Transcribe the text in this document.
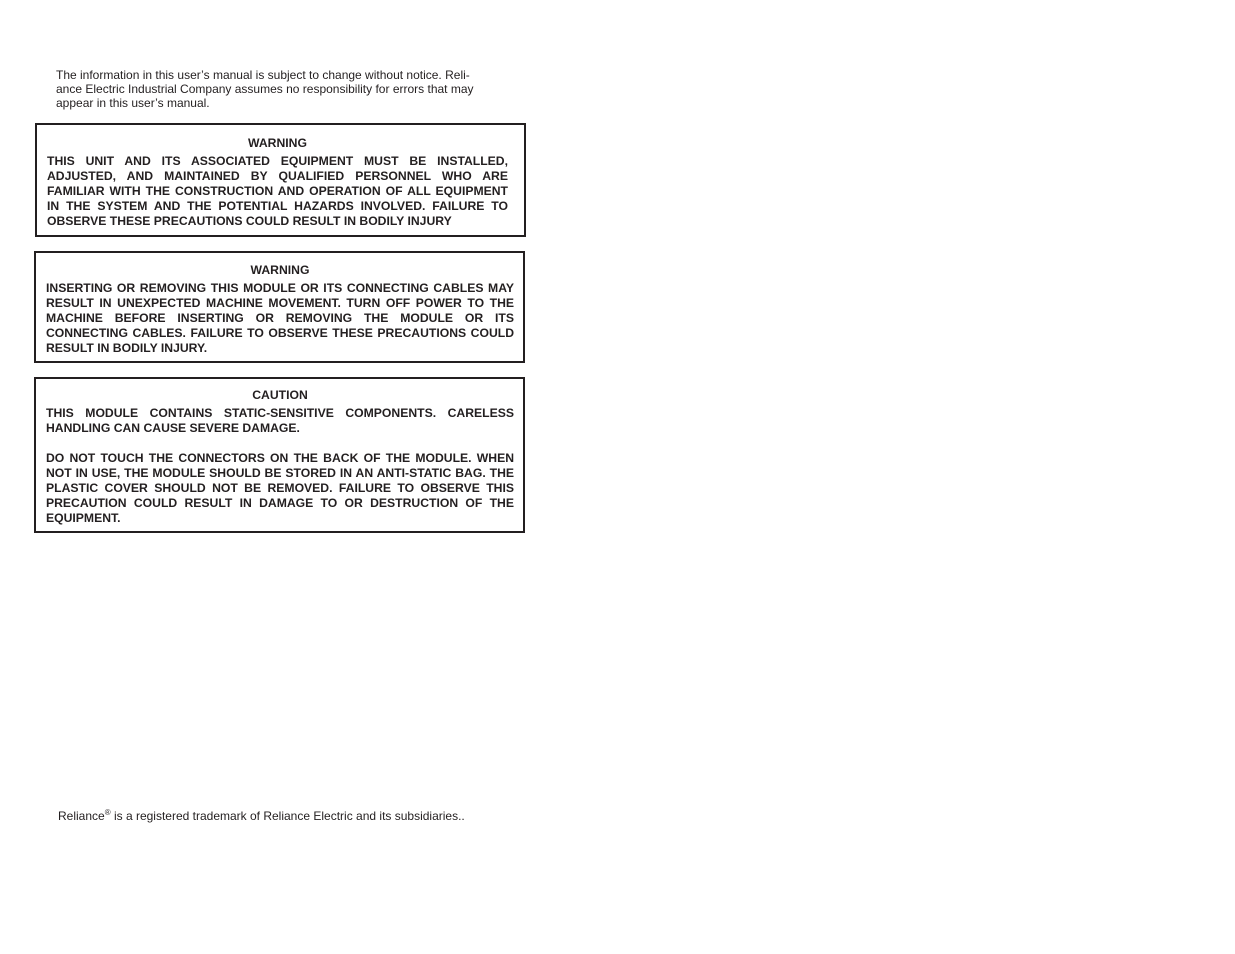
The information in this user’s manual is subject to change without notice. Reli-
ance Electric Industrial Company assumes no responsibility for errors that may
appear in this user’s manual.

WARNING

THIS UNIT AND ITS ASSOCIATED EQUIPMENT MUST BE INSTALLED, ADJUSTED, AND MAINTAINED BY QUALIFIED PERSONNEL WHO ARE FAMILIAR WITH THE CONSTRUCTION AND OPERATION OF ALL EQUIPMENT IN THE SYSTEM AND THE POTENTIAL HAZARDS INVOLVED. FAILURE TO OBSERVE THESE PRECAUTIONS COULD RESULT IN BODILY INJURY

WARNING

INSERTING OR REMOVING THIS MODULE OR ITS CONNECTING CABLES MAY RESULT IN UNEXPECTED MACHINE MOVEMENT. TURN OFF POWER TO THE MACHINE BEFORE INSERTING OR REMOVING THE MODULE OR ITS CONNECTING CABLES. FAILURE TO OBSERVE THESE PRECAUTIONS COULD RESULT IN BODILY INJURY.

CAUTION

THIS MODULE CONTAINS STATIC-SENSITIVE COMPONENTS. CARELESS HANDLING CAN CAUSE SEVERE DAMAGE.

DO NOT TOUCH THE CONNECTORS ON THE BACK OF THE MODULE. WHEN NOT IN USE, THE MODULE SHOULD BE STORED IN AN ANTI-STATIC BAG. THE PLASTIC COVER SHOULD NOT BE REMOVED. FAILURE TO OBSERVE THIS PRECAUTION COULD RESULT IN DAMAGE TO OR DESTRUCTION OF THE EQUIPMENT.

Reliance® is a registered trademark of Reliance Electric and its subsidiaries..
